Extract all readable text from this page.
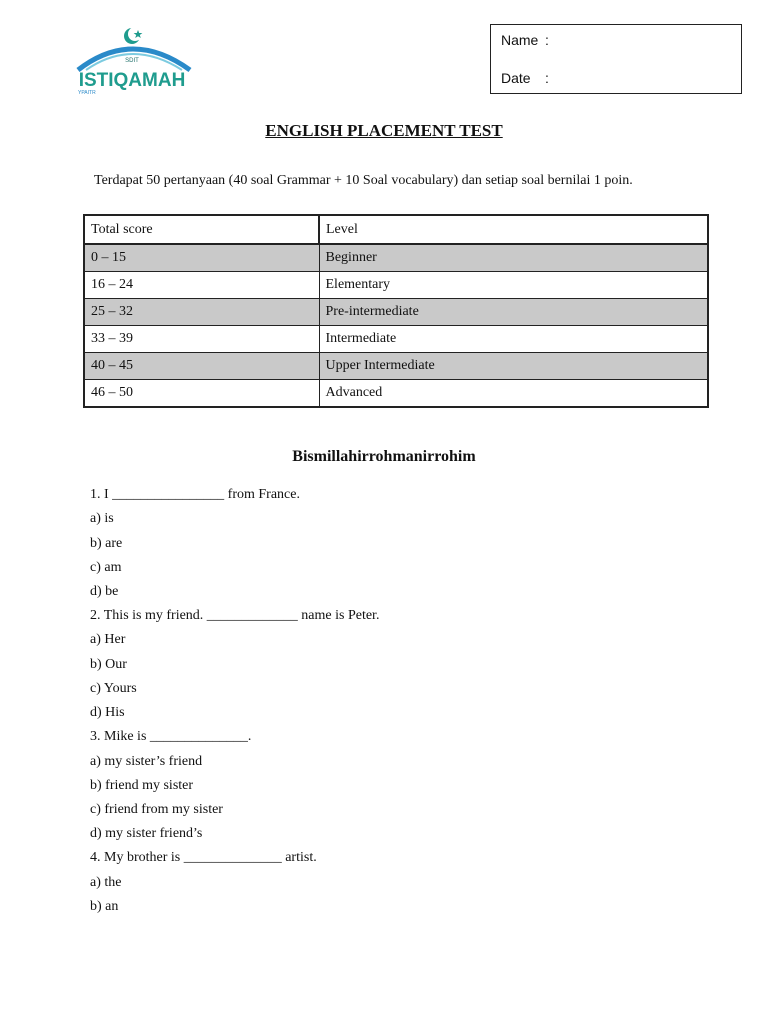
SDIT
ISTIQAMAH
YPAITR
Name :
Date :
ENGLISH PLACEMENT TEST
Terdapat 50 pertanyaan (40 soal Grammar + 10 Soal vocabulary) dan setiap soal bernilai 1 poin.
Total score	Level
0 – 15	Beginner
16 – 24	Elementary
25 – 32	Pre-intermediate
33 – 39	Intermediate
40 – 45	Upper Intermediate
46 – 50	Advanced
Bismillahirrohmanirrohim
1. I ________________ from France.
a) is
b) are
c) am
d) be
2. This is my friend. _____________ name is Peter.
a) Her
b) Our
c) Yours
d) His
3. Mike is ______________.
a) my sister’s friend
b) friend my sister
c) friend from my sister
d) my sister friend’s
4. My brother is ______________ artist.
a) the
b) an
